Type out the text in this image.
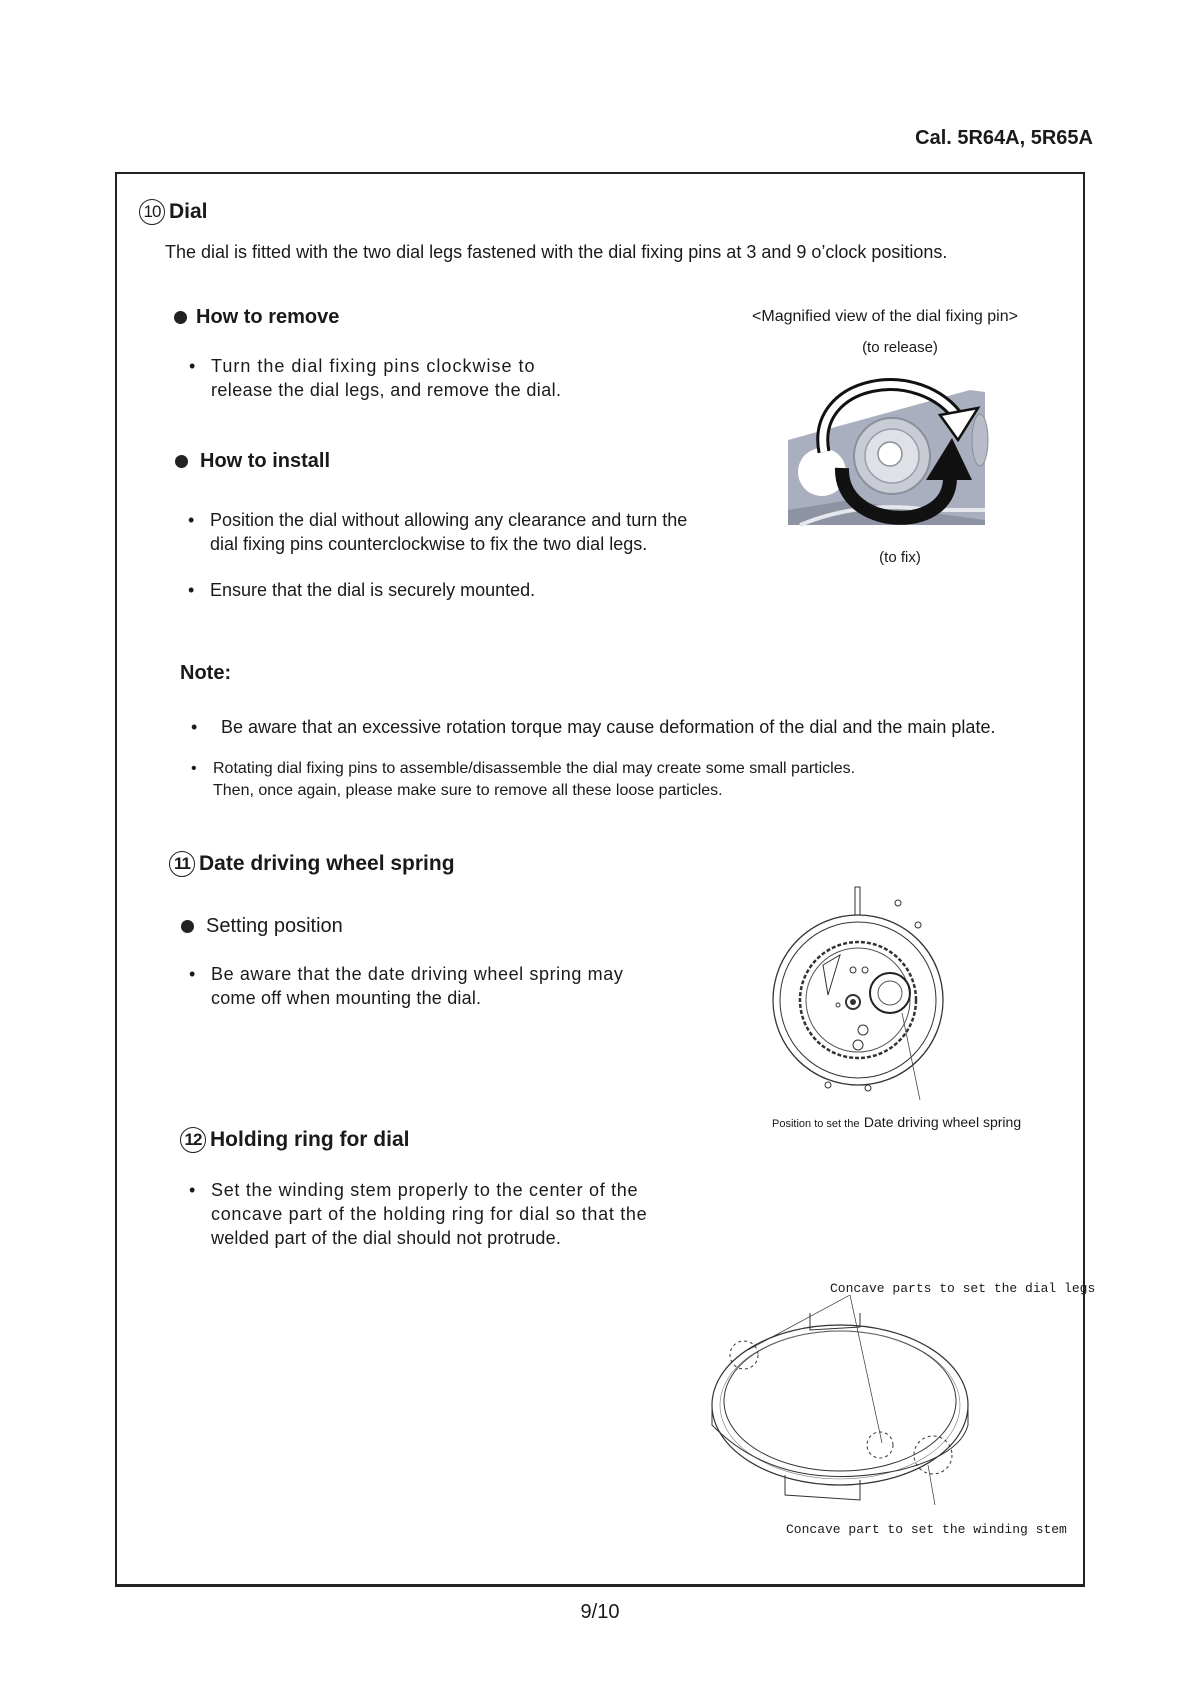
Cal. 5R64A, 5R65A
10 Dial
The dial is fitted with the two dial legs fastened with the dial fixing pins at 3 and 9 o’clock positions.
How to remove
• Turn the dial fixing pins clockwise to
release the dial legs, and remove the dial.
How to install
• Position the dial without allowing any clearance and turn the
dial fixing pins counterclockwise to fix the two dial legs.
• Ensure that the dial is securely mounted.
<Magnified view of the dial fixing pin>
(to release)
(to fix)
Note:
•	Be aware that an excessive rotation torque may cause deformation of the dial and the main plate.
•	Rotating dial fixing pins to assemble/disassemble the dial may create some small particles.
Then, once again, please make sure to remove all these loose particles.
11 Date driving wheel spring
Setting position
• Be aware that the date driving wheel spring may
come off when mounting the dial.
Position to set the Date driving wheel spring
12 Holding ring for dial
• Set the winding stem properly to the center of the
concave part of the holding ring for dial so that the
welded part of the dial should not protrude.
Concave parts to set the dial legs
Concave part to set the winding stem
9/10
